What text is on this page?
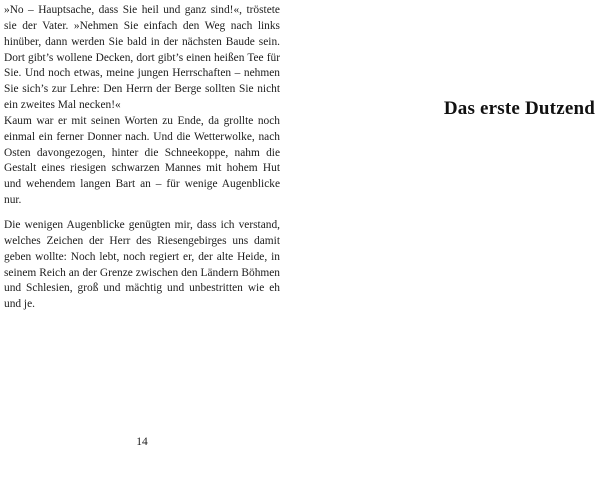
»No – Hauptsache, dass Sie heil und ganz sind!«, tröstete sie der Vater. »Nehmen Sie einfach den Weg nach links hinüber, dann werden Sie bald in der nächsten Baude sein. Dort gibt’s wollene Decken, dort gibt’s einen heißen Tee für Sie. Und noch etwas, meine jungen Herrschaften – nehmen Sie sich’s zur Lehre: Den Herrn der Berge sollten Sie nicht ein zweites Mal necken!«

Kaum war er mit seinen Worten zu Ende, da grollte noch einmal ein ferner Donner nach. Und die Wetterwolke, nach Osten davongezogen, hinter die Schneekoppe, nahm die Gestalt eines riesigen schwarzen Mannes mit hohem Hut und wehendem langen Bart an – für wenige Augenblicke nur.

Die wenigen Augenblicke genügten mir, dass ich verstand, welches Zeichen der Herr des Riesengebirges uns damit geben wollte: Noch lebt, noch regiert er, der alte Heide, in seinem Reich an der Grenze zwischen den Ländern Böhmen und Schlesien, groß und mächtig und unbestritten wie eh und je.

14
Das erste Dutzend
